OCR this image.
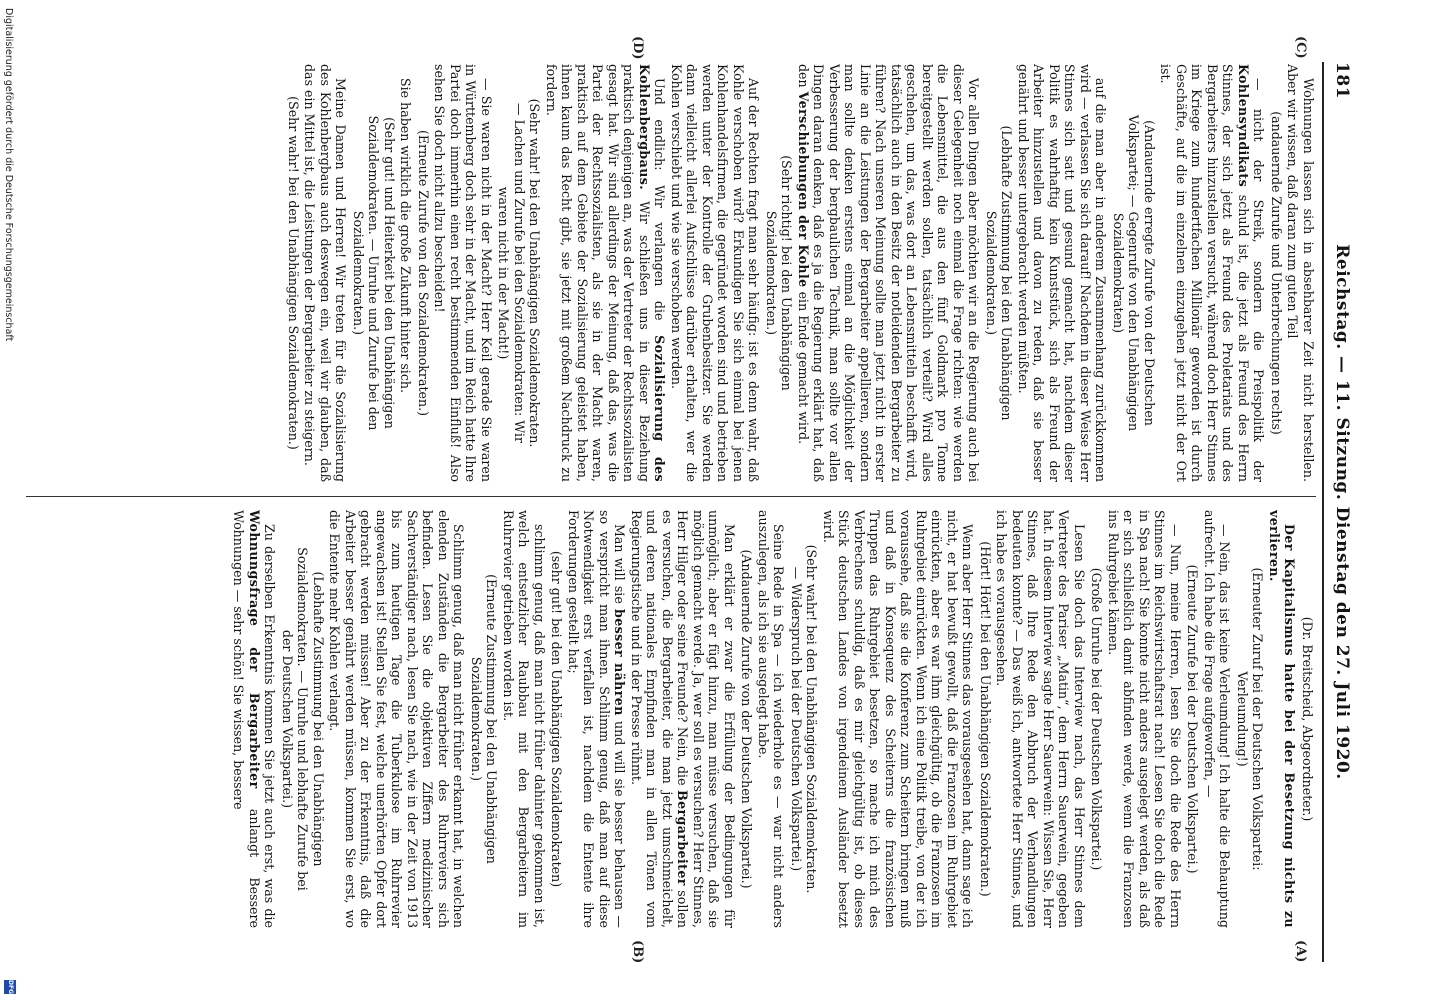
181
Reichstag. — 11. Sitzung. Dienstag den 27. Juli 1920.
(C)
(D)
(A)
(B)

Wohnungen lassen sich in absehbarer Zeit nicht herstellen. Aber wir wissen, daß daran zum guten Teil

(andauernde Zurufe und Unterbrechungen rechts)

— nicht der Streik, sondern die Preispolitik der Kohlensyndikats schuld ist, die jetzt als Freund des Herrn Stinnes, der sich jetzt als Freund des Proletariats und des Bergarbeiters hinzustellen versucht, während doch Herr Stinnes im Kriege zum hundertfachen Millionär geworden ist durch Geschäfte, auf die im einzelnen einzugehen jetzt nicht der Ort ist.

(Andauernde erregte Zurufe von der Deutschen Volkspartei; — Gegenrufe von den Unabhängigen Sozialdemokraten)

auf die man aber in anderem Zusammenhang zurückkommen wird — verlassen Sie sich darauf! Nachdem in dieser Weise Herr Stinnes sich satt und gesund gemacht hat, nachdem dieser Politik es wahrhaftig kein Kunststück, sich als Freund der Arbeiter hinzustellen und davon zu reden, daß sie besser genährt und besser untergebracht werden müßten.

(Lebhafte Zustimmung bei den Unabhängigen Sozialdemokraten.)

Vor allen Dingen aber möchten wir an die Regierung auch bei dieser Gelegenheit noch einmal die Frage richten: wie werden die Lebensmittel, die aus den fünf Goldmark pro Tonne bereitgestellt werden sollen, tatsächlich verteilt? Wird alles geschehen, um das, was dort an Lebensmitteln beschafft wird, tatsächlich auch in den Besitz der notleidenden Bergarbeiter zu führen? Nach unseren Meinung sollte man jetzt nicht in erster Linie an die Leistungen der Bergarbeiter appellieren, sondern man sollte denken erstens einmal an die Möglichkeit der Verbesserung der bergbaulichen Technik, man sollte vor allen Dingen daran denken, daß es ja die Regierung erklärt hat, daß den Verschiebungen der Kohle ein Ende gemacht wird.

(Sehr richtig! bei den Unabhängigen Sozialdemokraten.)

Auf der Rechten fragt man sehr häufig: ist es denn wahr, daß Kohle verschoben wird? Erkundigen Sie sich einmal bei jenen Kohlenhandelsfirmen, die gegründet worden sind und betrieben werden unter der Kontrolle der Grubenbesitzer. Sie werden dann vielleicht allerlei Aufschlüsse darüber erhalten, wer die Kohlen verschiebt und wie sie verschoben werden.

Und endlich: Wir verlangen die Sozialisierung des Kohlenbergbaus. Wir schließen uns in dieser Beziehung praktisch denjenigen an, was der Vertreter der Rechtssozialisten gesagt hat. Wir sind allerdings der Meinung, daß das, was die Partei der Rechtssozialisten, als sie in der Macht waren, praktisch auf dem Gebiete der Sozialisierung geleistet haben, ihnen kaum das Recht gibt, sie jetzt mit großem Nachdruck zu fordern.

(Sehr wahr! bei den Unabhängigen Sozialdemokraten. — Lachen und Zurufe bei den Sozialdemokraten: Wir waren nicht in der Macht!)

— Sie waren nicht in der Macht? Herr Keil gerade Sie waren in Württemberg doch sehr in der Macht, und im Reich hatte Ihre Partei doch immerhin einen recht bestimmenden Einfluß! Also sehen Sie doch nicht allzu bescheiden!

(Erneute Zurufe von den Sozialdemokraten.)

Sie haben wirklich die große Zukunft hinter sich.

(Sehr gut! und Heiterkeit bei den Unabhängigen Sozialdemokraten. — Unruhe und Zurufe bei den Sozialdemokraten.)

Meine Damen und Herren! Wir treten für die Sozialisierung des Kohlenbergbaus auch deswegen ein, weil wir glauben, daß das ein Mittel ist, die Leistungen der Bergarbeiter zu steigern.

(Sehr wahr! bei den Unabhängigen Sozialdemokraten.)

(Dr. Breitscheid, Abgeordneter.)

Der Kapitalismus hatte bei der Besetzung nichts zu verlieren.

(Erneuter Zuruf bei der Deutschen Volkspartei: Verleumdung!)

— Nein, das ist keine Verleumdung! Ich halte die Behauptung aufrecht. Ich habe die Frage aufgeworfen, —

(Erneute Zurufe bei der Deutschen Volkspartei.)

— Nun, meine Herren, lesen Sie doch die Rede des Herrn Stinnes im Reichswirtschaftsrat nach! Lesen Sie doch die Rede in Spa nach! Sie konnte nicht anders ausgelegt werden, als daß er sich schließlich damit abfinden werde, wenn die Franzosen ins Ruhrgebiet kämen.

(Große Unruhe bei der Deutschen Volkspartei.)

Lesen Sie doch das Interview nach, das Herr Stinnes dem Vertreter des Pariser „Matin“, dem Herrn Sauerwein, gegeben hat. In diesem Interview sagte Herr Sauerwein: Wissen Sie, Herr Stinnes, daß Ihre Rede den Abbruch der Verhandlungen bedeuten konnte? — Das weiß ich, antwortete Herr Stinnes, und ich habe es vorausgesehen.

(Hört! Hört! bei den Unabhängigen Sozialdemokraten.)

Wenn aber Herr Stinnes das vorausgesehen hat, dann sage ich nicht, er hat bewußt gewollt, daß die Franzosen im Ruhrgebiet einrückten, aber es war ihm gleichgültig, ob die Franzosen im Ruhrgebiet einrückten. Wenn ich eine Politik treibe, von der ich voraussehe, daß sie die Konferenz zum Scheitern bringen muß und daß in Konsequenz des Scheiterns die französischen Truppen das Ruhrgebiet besetzen, so mache ich mich des Verbrechens schuldig, daß es mir gleichgültig ist, ob dieses Stück deutschen Landes von irgendeinem Ausländer besetzt wird.

(Sehr wahr! bei den Unabhängigen Sozialdemokraten. — Widerspruch bei der Deutschen Volkspartei.)

Seine Rede in Spa — ich wiederhole es — war nicht anders auszulegen, als ich sie ausgelegt habe.

(Andauernde Zurufe von der Deutschen Volkspartei.)

Man erklärt er zwar die Erfüllung der Bedingungen für unmöglich; aber er fügt hinzu, man müsse versuchen, daß sie möglich gemacht werde. Ja, wer soll es versuchen? Herr Stinnes, Herr Hilger oder seine Freunde? Nein, die Bergarbeiter sollen es versuchen, die Bergarbeiter, die man jetzt umschmeichelt, und deren nationales Empfinden man in allen Tönen vom Regierungstische und in der Presse rühmt.

Man will sie besser nähren und will sie besser behausen — so verspricht man ihnen. Schlimm genug, daß man auf diese Notwendigkeit erst verfallen ist, nachdem die Entente ihre Forderungen gestellt hat;

(sehr gut! bei den Unabhängigen Sozialdemokraten)

schlimm genug, daß man nicht früher dahinter gekommen ist, welch entsetzlicher Raubbau mit den Bergarbeitern im Ruhrrevier getrieben worden ist.

(Erneute Zustimmung bei den Unabhängigen Sozialdemokraten.)

Schlimm genug, daß man nicht früher erkannt hat, in welchen elenden Zuständen die Bergarbeiter des Ruhrreviers sich befinden. Lesen Sie die objektiven Ziffern medizinischer Sachverständiger nach, lesen Sie nach, wie in der Zeit von 1913 bis zum heutigen Tage die Tuberkulose im Ruhrrevier angewachsen ist! Stellen Sie fest, welche unerhörten Opfer dort gebracht werden müssen! Aber zu der Erkenntnis, daß die Arbeiter besser genährt werden müssen, kommen Sie erst, wo die Entente mehr Kohlen verlangt.

(Lebhafte Zustimmung bei den Unabhängigen Sozialdemokraten. — Unruhe und lebhafte Zurufe bei der Deutschen Volkspartei.)

Zu derselben Erkenntnis kommen Sie jetzt auch erst, was die Wohnungsfrage der Bergarbeiter anlangt Bessere Wohnungen — sehr schön! Sie wissen, bessere

Digitalisierung gefördert durch die Deutsche Forschungsgemeinschaft
DFG
